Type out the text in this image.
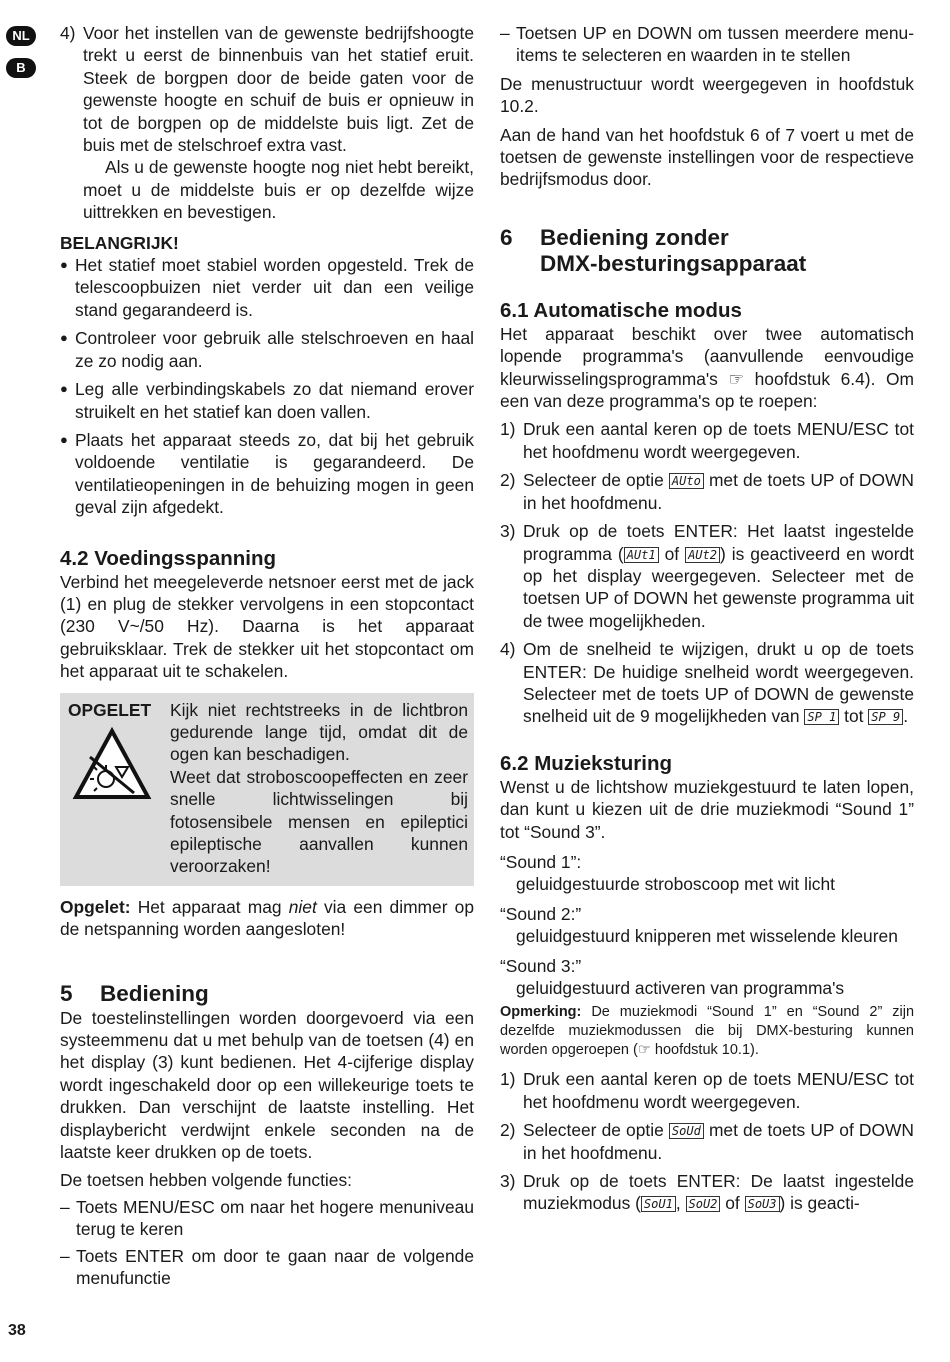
NL
B
4) Voor het instellen van de gewenste bedrijfshoogte trekt u eerst de binnenbuis van het statief eruit. Steek de borgpen door de beide gaten voor de gewenste hoogte en schuif de buis er opnieuw in tot de borgpen op de middelste buis ligt. Zet de buis met de stelschroef extra vast.

Als u de gewenste hoogte nog niet hebt bereikt, moet u de middelste buis er op dezelfde wijze uittrekken en bevestigen.

BELANGRIJK!

● Het statief moet stabiel worden opgesteld. Trek de telescoopbuizen niet verder uit dan een veilige stand gegarandeerd is.
● Controleer voor gebruik alle stelschroeven en haal ze zo nodig aan.
● Leg alle verbindingskabels zo dat niemand erover struikelt en het statief kan doen vallen.
● Plaats het apparaat steeds zo, dat bij het gebruik voldoende ventilatie is gegarandeerd. De ventilatieopeningen in de behuizing mogen in geen geval zijn afgedekt.

4.2 Voedingsspanning

Verbind het meegeleverde netsnoer eerst met de jack (1) en plug de stekker vervolgens in een stopcontact (230 V~/50 Hz). Daarna is het apparaat gebruiksklaar. Trek de stekker uit het stopcontact om het apparaat uit te schakelen.

OPGELET	Kijk niet rechtstreeks in de lichtbron gedurende lange tijd, omdat dit de ogen kan beschadigen.

Weet dat stroboscoopeffecten en zeer snelle lichtwisselingen bij fotosensibele mensen en epileptici epileptische aanvallen kunnen veroorzaken!

Opgelet: Het apparaat mag niet via een dimmer op de netspanning worden aangesloten!

5	Bediening

De toestelinstellingen worden doorgevoerd via een systeemmenu dat u met behulp van de toetsen (4) en het display (3) kunt bedienen. Het 4-cijferige display wordt ingeschakeld door op een willekeurige toets te drukken. Dan verschijnt de laatste instelling. Het displaybericht verdwijnt enkele seconden na de laatste keer drukken op de toets.

De toetsen hebben volgende functies:

– Toets MENU/ESC om naar het hogere menuniveau terug te keren
– Toets ENTER om door te gaan naar de volgende menufunctie
– Toetsen UP en DOWN om tussen meerdere menu-items te selecteren en waarden in te stellen

De menustructuur wordt weergegeven in hoofdstuk 10.2.

Aan de hand van het hoofdstuk 6 of 7 voert u met de toetsen de gewenste instellingen voor de respectieve bedrijfsmodus door.

6	Bediening zonder
DMX-besturingsapparaat

6.1 Automatische modus

Het apparaat beschikt over twee automatisch lopende programma's (aanvullende eenvoudige kleurwisselingsprogramma's ☞ hoofdstuk 6.4). Om een van deze programma's op te roepen:

1) Druk een aantal keren op de toets MENU/ESC tot het hoofdmenu wordt weergegeven.
2) Selecteer de optie AUto met de toets UP of DOWN in het hoofdmenu.
3) Druk op de toets ENTER: Het laatst ingestelde programma ( AUt1 of AUt2 ) is geactiveerd en wordt op het display weergegeven. Selecteer met de toetsen UP of DOWN het gewenste programma uit de twee mogelijkheden.
4) Om de snelheid te wijzigen, drukt u op de toets ENTER: De huidige snelheid wordt weergegeven. Selecteer met de toets UP of DOWN de gewenste snelheid uit de 9 mogelijkheden van SP 1 tot SP 9 .

6.2 Muzieksturing

Wenst u de lichtshow muziekgestuurd te laten lopen, dan kunt u kiezen uit de drie muziekmodi “Sound 1” tot “Sound 3”.

“Sound 1”:
geluidgestuurde stroboscoop met wit licht
“Sound 2:”
geluidgestuurd knipperen met wisselende kleuren
“Sound 3:”
geluidgestuurd activeren van programma's

Opmerking: De muziekmodi “Sound 1” en “Sound 2” zijn dezelfde muziekmodussen die bij DMX-besturing kunnen worden opgeroepen (☞ hoofdstuk 10.1).

1) Druk een aantal keren op de toets MENU/ESC tot het hoofdmenu wordt weergegeven.
2) Selecteer de optie SoUd met de toets UP of DOWN in het hoofdmenu.
3) Druk op de toets ENTER: De laatst ingestelde muziekmodus ( SoU1 , SoU2 of SoU3 ) is geacti-
38
